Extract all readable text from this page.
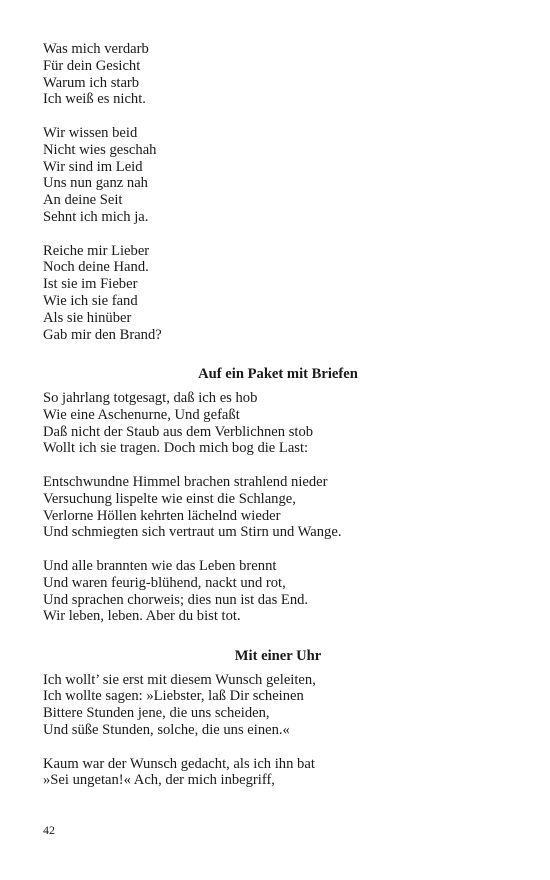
Was mich verdarb
Für dein Gesicht
Warum ich starb
Ich weiß es nicht.
Wir wissen beid
Nicht wies geschah
Wir sind im Leid
Uns nun ganz nah
An deine Seit
Sehnt ich mich ja.
Reiche mir Lieber
Noch deine Hand.
Ist sie im Fieber
Wie ich sie fand
Als sie hinüber
Gab mir den Brand?
Auf ein Paket mit Briefen
So jahrlang totgesagt, daß ich es hob
Wie eine Aschenurne, Und gefaßt
Daß nicht der Staub aus dem Verblichnen stob
Wollt ich sie tragen. Doch mich bog die Last:
Entschwundne Himmel brachen strahlend nieder
Versuchung lispelte wie einst die Schlange,
Verlorne Höllen kehrten lächelnd wieder
Und schmiegten sich vertraut um Stirn und Wange.
Und alle brannten wie das Leben brennt
Und waren feurig-blühend, nackt und rot,
Und sprachen chorweis; dies nun ist das End.
Wir leben, leben. Aber du bist tot.
Mit einer Uhr
Ich wollt’ sie erst mit diesem Wunsch geleiten,
Ich wollte sagen: »Liebster, laß Dir scheinen
Bittere Stunden jene, die uns scheiden,
Und süße Stunden, solche, die uns einen.«
Kaum war der Wunsch gedacht, als ich ihn bat
»Sei ungetan!« Ach, der mich inbegriff,
42
